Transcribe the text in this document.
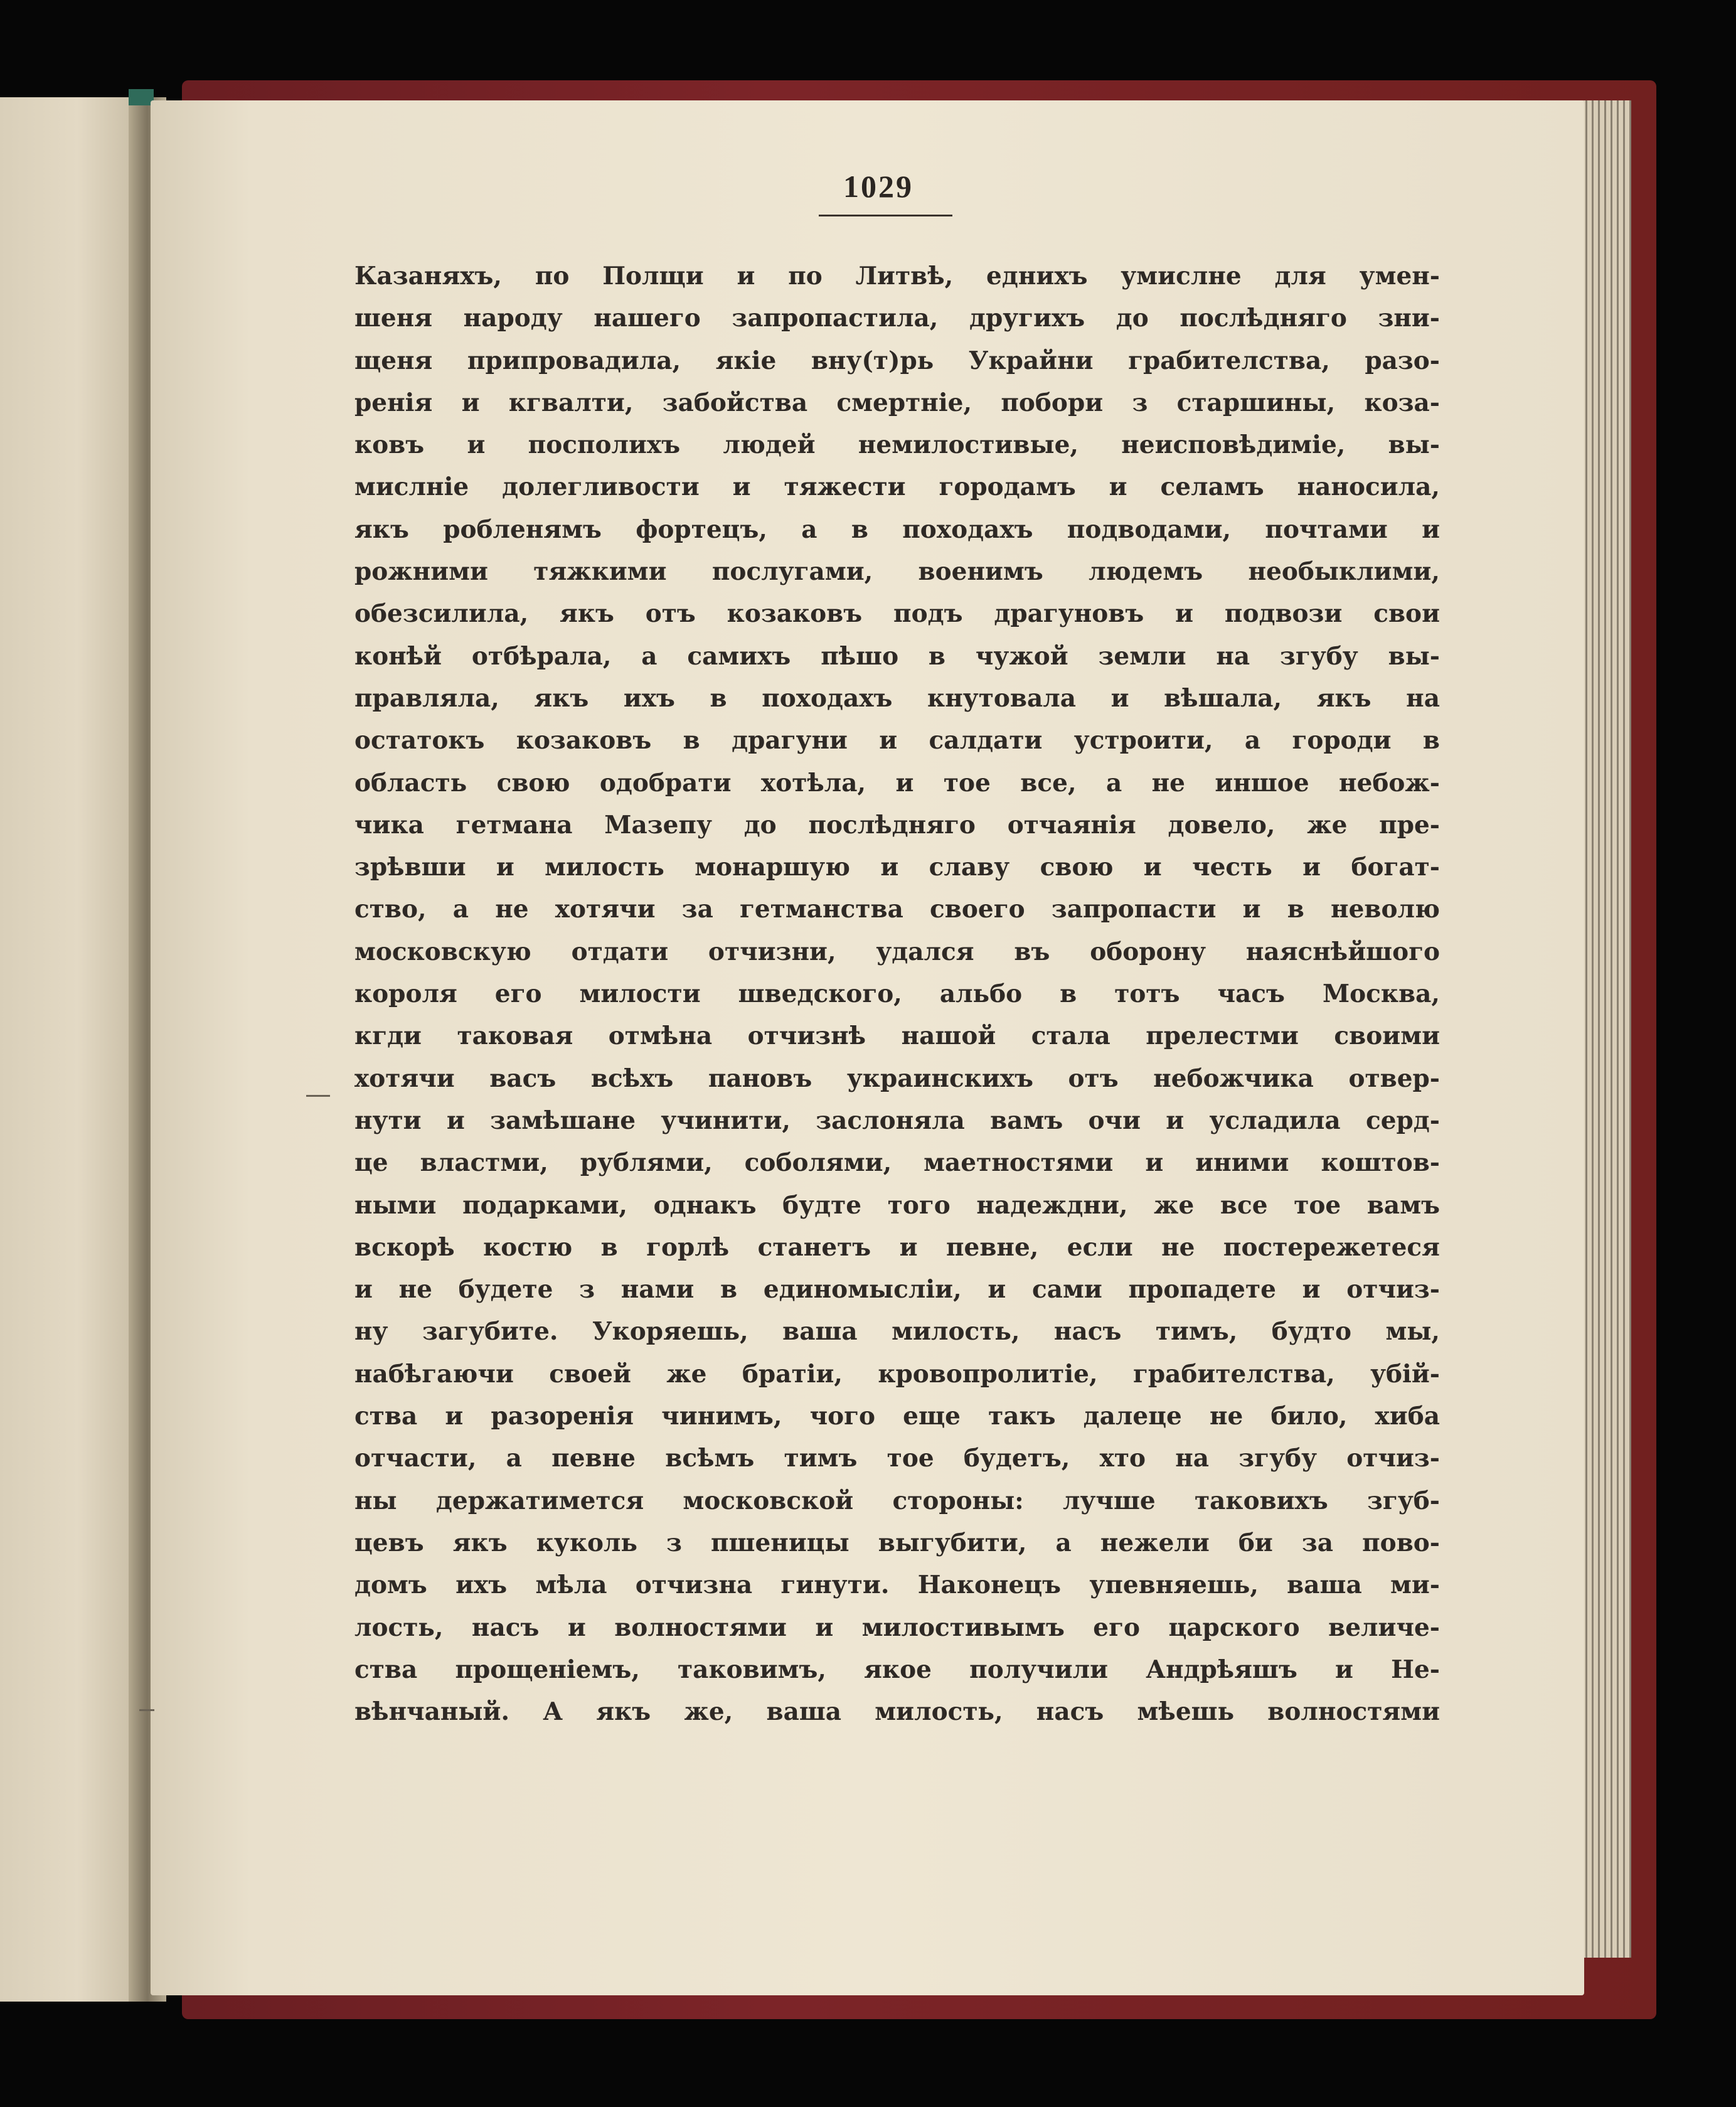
1029
Казаняхъ, по Полщи и по Литвѣ, еднихъ умислне для умен-
шеня народу нашего запропастила, другихъ до послѣдняго зни-
щеня припровадила, якіе вну(т)рь Украйни грабителства, разо-
ренія и кгвалти, забойства смертніе, побори з старшины, коза-
ковъ и посполихъ людей немилостивые, неисповѣдиміе, вы-
мислніе долегливости и тяжести городамъ и селамъ наносила,
якъ робленямъ фортецъ, а в походахъ подводами, почтами и
рожними тяжкими послугами, военимъ людемъ необыклими,
обезсилила, якъ отъ козаковъ подъ драгуновъ и подвози свои
конѣй отбѣрала, а самихъ пѣшо в чужой земли на згубу вы-
правляла, якъ ихъ в походахъ кнутовала и вѣшала, якъ на
остатокъ козаковъ в драгуни и салдати устроити, а городи в
область свою одобрати хотѣла, и тое все, а не иншое небож-
чика гетмана Мазепу до послѣдняго отчаянія довело, же пре-
зрѣвши и милость монаршую и славу свою и честь и богат-
ство, а не хотячи за гетманства своего запропасти и в неволю
московскую отдати отчизни, удался въ оборону наяснѣйшого
короля его милости шведского, альбо в тотъ часъ Москва,
кгди таковая отмѣна отчизнѣ нашой стала прелестми своими
хотячи васъ всѣхъ пановъ украинскихъ отъ небожчика отвер-
нути и замѣшане учинити, заслоняла вамъ очи и усладила серд-
це властми, рублями, соболями, маетностями и иними коштов-
ными подарками, однакъ будте того надеждни, же все тое вамъ
вскорѣ костю в горлѣ станетъ и певне, если не постережетеся
и не будете з нами в единомысліи, и сами пропадете и отчиз-
ну загубите. Укоряешь, ваша милость, насъ тимъ, будто мы,
набѣгаючи своей же братіи, кровопролитіе, грабителства, убій-
ства и разоренія чинимъ, чого еще такъ далеце не било, хиба
отчасти, а певне всѣмъ тимъ тое будетъ, хто на згубу отчиз-
ны держатимется московской стороны: лучше таковихъ згуб-
цевъ якъ куколь з пшеницы выгубити, а нежели би за пово-
домъ ихъ мѣла отчизна гинути. Наконецъ упевняешь, ваша ми-
лость, насъ и волностями и милостивымъ его царского величе-
ства прощеніемъ, таковимъ, якое получили Андрѣяшъ и Не-
вѣнчаный. А якъ же, ваша милость, насъ мѣешь волностями
